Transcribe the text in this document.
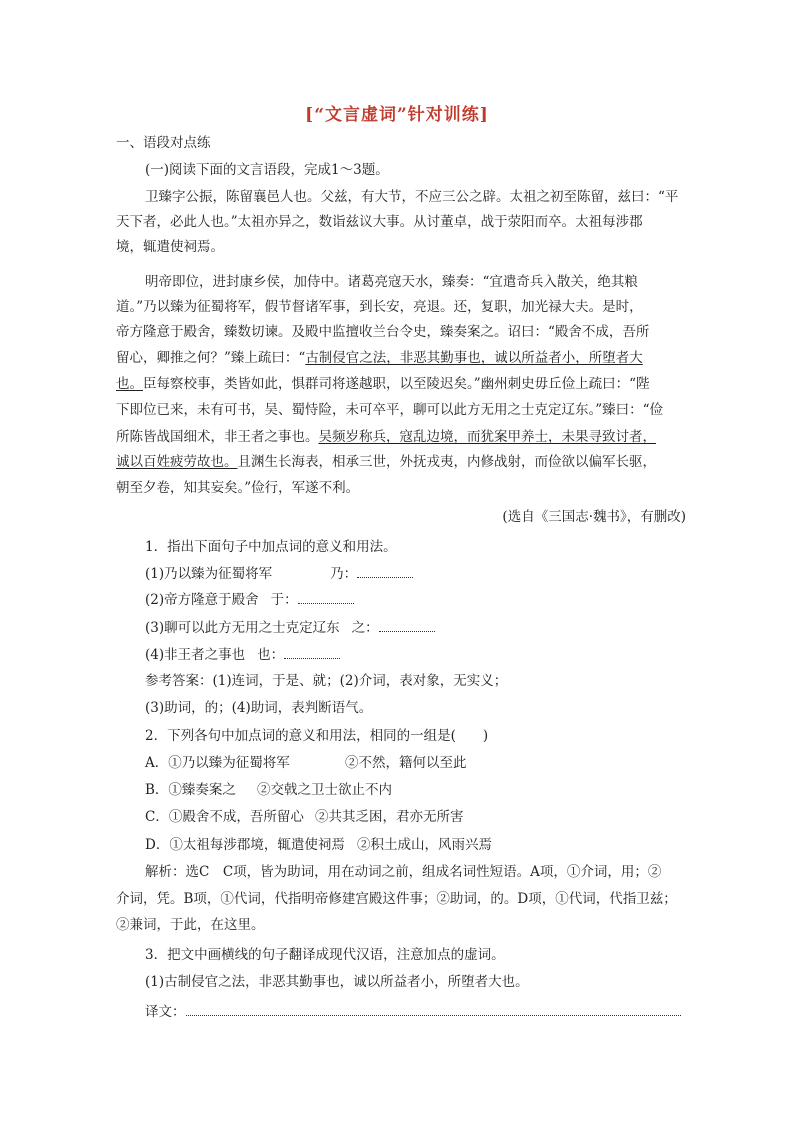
[“文言虚词”针对训练]
一、语段对点练
(一)阅读下面的文言语段，完成1～3题。
卫臻字公振，陈留襄邑人也。父兹，有大节，不应三公之辟。太祖之初至陈留，兹曰：“平
天下者，必此人也。”太祖亦异之，数诣兹议大事。从讨董卓，战于荥阳而卒。太祖每涉郡
境，辄遣使祠焉。
明帝即位，进封康乡侯，加侍中。诸葛亮寇天水，臻奏：“宜遣奇兵入散关，绝其粮
道。”乃以臻为征蜀将军，假节督诸军事，到长安，亮退。还，复职，加光禄大夫。是时，
帝方隆意于殿舍，臻数切谏。及殿中监擅收兰台令史，臻奏案之。诏曰：“殿舍不成，吾所
留心，卿推之何？”臻上疏曰：“古制侵官之法，非恶其勤事也，诚以所益者小，所堕者大
也。臣每察校事，类皆如此，惧群司将遂越职，以至陵迟矣。”幽州刺史毋丘俭上疏曰：“陛
下即位已来，未有可书，吴、蜀恃险，未可卒平，聊可以此方无用之士克定辽东。”臻曰：“俭
所陈皆战国细术，非王者之事也。吴频岁称兵，寇乱边境，而犹案甲养士，未果寻致讨者，
诚以百姓疲劳故也。且渊生长海表，相承三世，外抚戎夷，内修战射，而俭欲以偏军长驱，
朝至夕卷，知其妄矣。”俭行，军遂不利。
(选自《三国志·魏书》，有删改)
1．指出下面句子中加点词的意义和用法。
(1)乃以臻为征蜀将军	乃：
(2)帝方隆意于殿舍 于：
(3)聊可以此方无用之士克定辽东 之：
(4)非王者之事也 也：
参考答案：(1)连词，于是、就；(2)介词，表对象，无实义；
(3)助词，的；(4)助词，表判断语气。
2．下列各句中加点词的意义和用法，相同的一组是(　　)
A．①乃以臻为征蜀将军	②不然，籍何以至此
B．①臻奏案之 ②交戟之卫士欲止不内
C．①殿舍不成，吾所留心 ②共其乏困，君亦无所害
D．①太祖每涉郡境，辄遣使祠焉 ②积土成山，风雨兴焉
解析：选C　C项，皆为助词，用在动词之前，组成名词性短语。A项，①介词，用；②
介词，凭。B项，①代词，代指明帝修建宫殿这件事；②助词，的。D项，①代词，代指卫兹；
②兼词，于此，在这里。
3．把文中画横线的句子翻译成现代汉语，注意加点的虚词。
(1)古制侵官之法，非恶其勤事也，诚以所益者小，所堕者大也。
译文：
